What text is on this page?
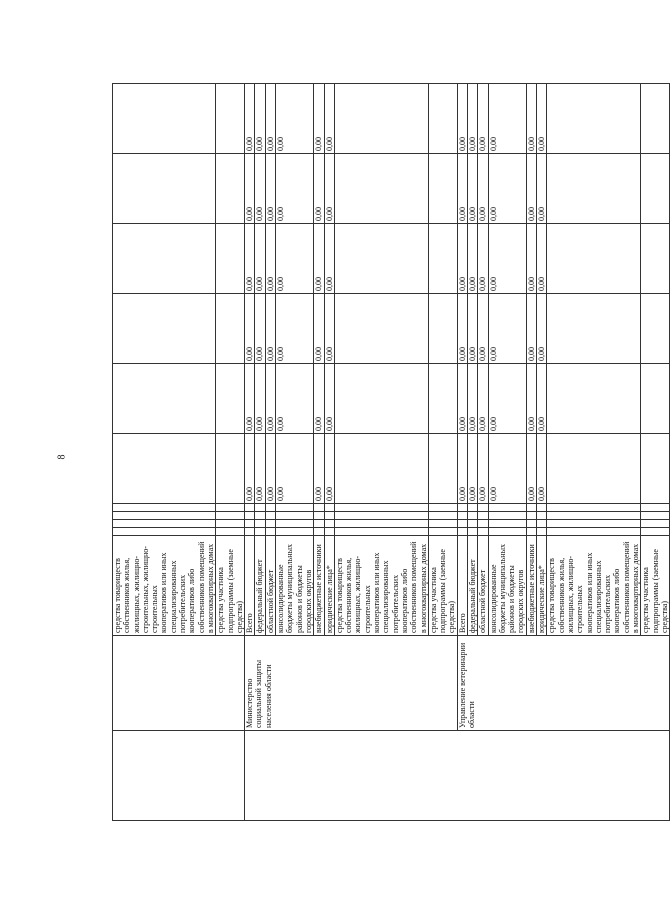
8
		средства товариществ собственников жилья, жилищных, жилищно-строительных, жилищно-строительных кооперативов или иных специализированных потребительских кооперативов либо собственников помещений в многоквартирных домах										
		средства участника подпрограммы (заемные средства)										
	Министерство социальной защиты населения области	Всего					0,00	0,00	0,00	0,00	0,00	0,00
		федеральный бюджет					0,00	0,00	0,00	0,00	0,00	0,00
		областной бюджет					0,00	0,00	0,00	0,00	0,00	0,00
		консолидированные бюджеты муниципальных районов и бюджеты городских округов					0,00	0,00	0,00	0,00	0,00	0,00
		внебюджетные источники					0,00	0,00	0,00	0,00	0,00	0,00
		юридические лица*					0,00	0,00	0,00	0,00	0,00	0,00
		средства товариществ собственников жилья, жилищных, жилищно-строительных кооперативов или иных специализированных потребительских кооперативов либо собственников помещений в многоквартирных домах										
		средства участника подпрограммы (заемные средства)										
	Управление ветеринарии области	Всего					0,00	0,00	0,00	0,00	0,00	0,00
		федеральный бюджет					0,00	0,00	0,00	0,00	0,00	0,00
		областной бюджет					0,00	0,00	0,00	0,00	0,00	0,00
		консолидированные бюджеты муниципальных районов и бюджеты городских округов					0,00	0,00	0,00	0,00	0,00	0,00
		внебюджетные источники					0,00	0,00	0,00	0,00	0,00	0,00
		юридические лица*					0,00	0,00	0,00	0,00	0,00	0,00
		средства товариществ собственников жилья, жилищных, жилищно-строительных кооперативов или иных специализированных потребительских кооперативов либо собственников помещений в многоквартирных домах										
		средства участника подпрограммы (заемные средства)										
